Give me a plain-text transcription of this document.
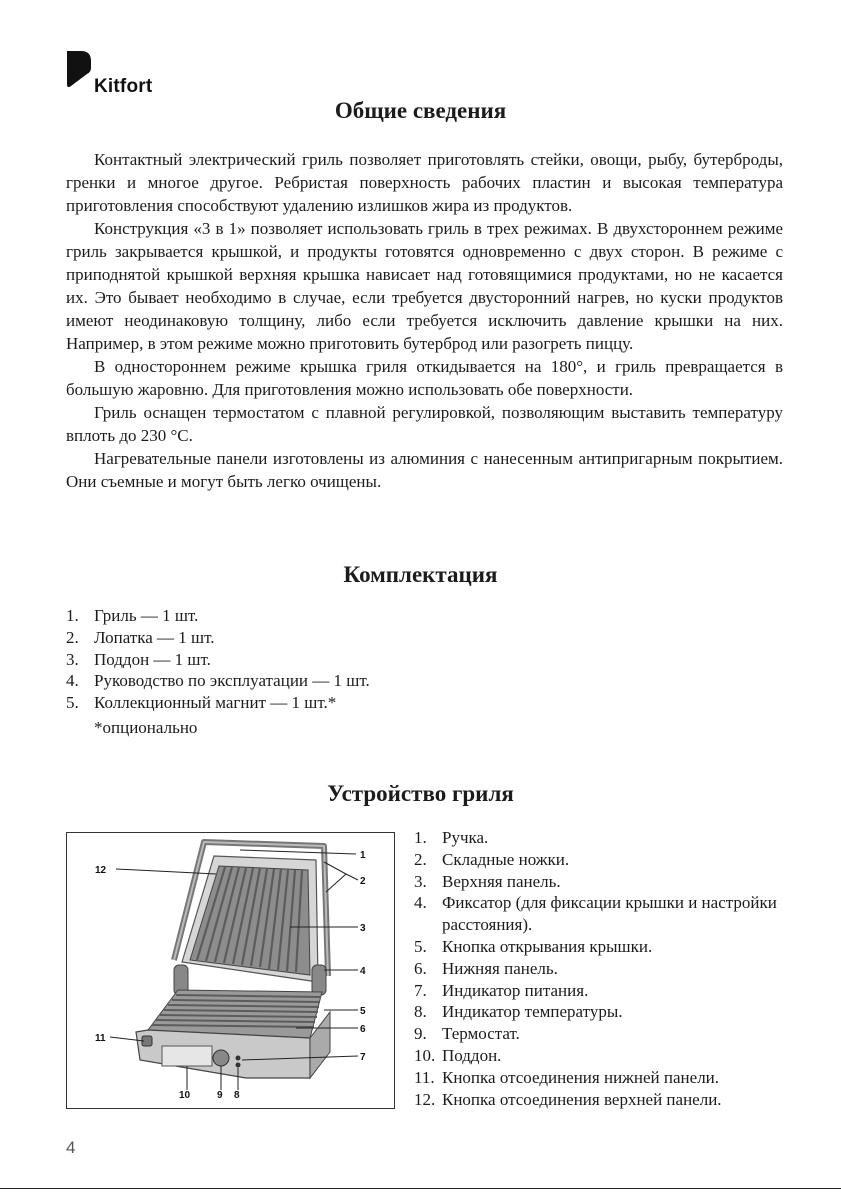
Kitfort
Общие сведения

Контактный электрический гриль позволяет приготовлять стейки, овощи, рыбу, бутерброды, гренки и многое другое. Ребристая поверхность рабочих пластин и высокая температура приготовления способствуют удалению излишков жира из продуктов.

Конструкция «3 в 1» позволяет использовать гриль в трех режимах. В двухстороннем режиме гриль закрывается крышкой, и продукты готовятся одновременно с двух сторон. В режиме с приподнятой крышкой верхняя крышка нависает над готовящимися продуктами, но не касается их. Это бывает необходимо в случае, если требуется двусторонний нагрев, но куски продуктов имеют неодинаковую толщину, либо если требуется исключить давление крышки на них. Например, в этом режиме можно приготовить бутерброд или разогреть пиццу.

В одностороннем режиме крышка гриля откидывается на 180°, и гриль превращается в большую жаровню. Для приготовления можно использовать обе поверхности.

Гриль оснащен термостатом с плавной регулировкой, позволяющим выставить температуру вплоть до 230 °C.

Нагревательные панели изготовлены из алюминия с нанесенным антипригарным покрытием. Они съемные и могут быть легко очищены.

Комплектация
1. Гриль — 1 шт.
2. Лопатка — 1 шт.
3. Поддон — 1 шт.
4. Руководство по эксплуатации — 1 шт.
5. Коллекционный магнит — 1 шт.*
*опционально
Устройство гриля
1
2
3
4
5
6
7
8
9
10
11
12
1. Ручка.
2. Складные ножки.
3. Верхняя панель.
4. Фиксатор (для фиксации крышки и настройки расстояния).
5. Кнопка открывания крышки.
6. Нижняя панель.
7. Индикатор питания.
8. Индикатор температуры.
9. Термостат.
10. Поддон.
11. Кнопка отсоединения нижней панели.
12. Кнопка отсоединения верхней панели.
4
